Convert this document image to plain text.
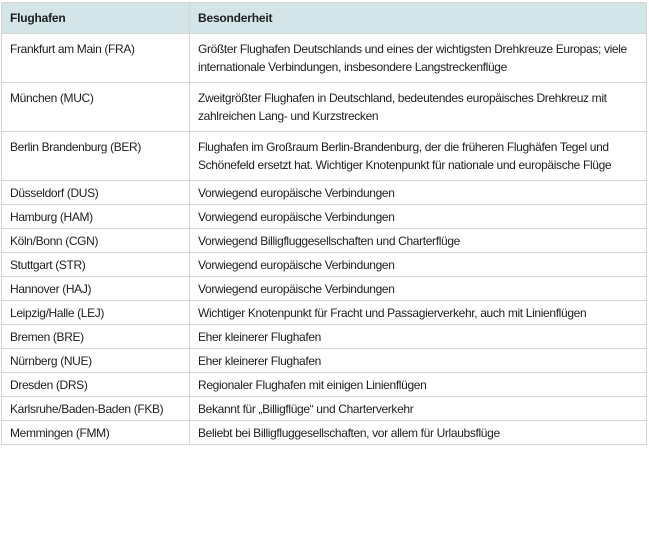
Flughafen	Besonderheit
Frankfurt am Main (FRA)	Größter Flughafen Deutschlands und eines der wichtigsten Drehkreuze Europas; viele internationale Verbindungen, insbesondere Langstreckenflüge
München (MUC)	Zweitgrößter Flughafen in Deutschland, bedeutendes europäisches Drehkreuz mit zahlreichen Lang- und Kurzstrecken
Berlin Brandenburg (BER)	Flughafen im Großraum Berlin-Brandenburg, der die früheren Flughäfen Tegel und Schönefeld ersetzt hat. Wichtiger Knotenpunkt für nationale und europäische Flüge
Düsseldorf (DUS)	Vorwiegend europäische Verbindungen
Hamburg (HAM)	Vorwiegend europäische Verbindungen
Köln/Bonn (CGN)	Vorwiegend Billigfluggesellschaften und Charterflüge
Stuttgart (STR)	Vorwiegend europäische Verbindungen
Hannover (HAJ)	Vorwiegend europäische Verbindungen
Leipzig/Halle (LEJ)	Wichtiger Knotenpunkt für Fracht und Passagierverkehr, auch mit Linienflügen
Bremen (BRE)	Eher kleinerer Flughafen
Nürnberg (NUE)	Eher kleinerer Flughafen
Dresden (DRS)	Regionaler Flughafen mit einigen Linienflügen
Karlsruhe/Baden-Baden (FKB)	Bekannt für „Billigflüge“ und Charterverkehr
Memmingen (FMM)	Beliebt bei Billigfluggesellschaften, vor allem für Urlaubsflüge
